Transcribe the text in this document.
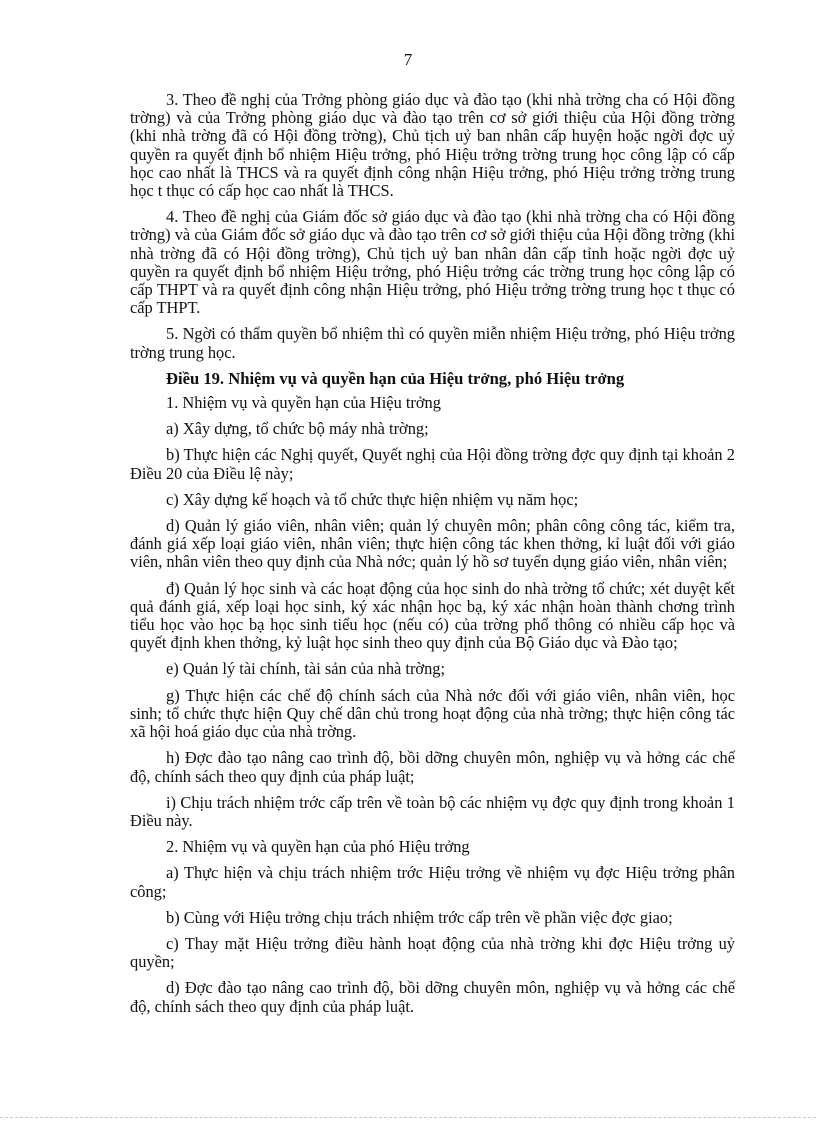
7

3. Theo đề nghị của Trởng phòng giáo dục và đào tạo (khi nhà trờng cha có Hội đồng trờng) và của Trởng phòng giáo dục và đào tạo trên cơ sở giới thiệu của Hội đồng trờng (khi nhà trờng đã có Hội đồng trờng), Chủ tịch uỷ ban nhân cấp huyện hoặc ngời đợc uỷ quyền ra quyết định bổ nhiệm Hiệu trởng, phó Hiệu trởng trờng trung học công lập có cấp học cao nhất là THCS và ra quyết định công nhận Hiệu trởng, phó Hiệu trởng trờng trung học t thục có cấp học cao nhất là THCS.

4. Theo đề nghị của Giám đốc sở giáo dục và đào tạo (khi nhà trờng cha có Hội đồng trờng) và của Giám đốc sở giáo dục và đào tạo trên cơ sở giới thiệu của Hội đồng trờng (khi nhà trờng đã có Hội đồng trờng), Chủ tịch uỷ ban nhân dân cấp tỉnh hoặc ngời đợc uỷ quyền ra quyết định bổ nhiệm Hiệu trởng, phó Hiệu trởng các trờng trung học công lập có cấp THPT và ra quyết định công nhận Hiệu trởng, phó Hiệu trởng trờng trung học t thục có cấp THPT.

5. Ngời có thẩm quyền bổ nhiệm thì có quyền miễn nhiệm Hiệu trởng, phó Hiệu trởng trờng trung học.

Điều 19. Nhiệm vụ và quyền hạn của Hiệu trởng, phó Hiệu trởng

1. Nhiệm vụ và quyền hạn của Hiệu trởng

a) Xây dựng, tổ chức bộ máy nhà trờng;

b) Thực hiện các Nghị quyết, Quyết nghị của Hội đồng trờng đợc quy định tại khoản 2 Điều 20 của Điều lệ này;

c) Xây dựng kế hoạch và tổ chức thực hiện nhiệm vụ năm học;

d) Quản lý giáo viên, nhân viên; quản lý chuyên môn; phân công công tác, kiểm tra, đánh giá xếp loại giáo viên, nhân viên; thực hiện công tác khen thởng, kỉ luật đối với giáo viên, nhân viên theo quy định của Nhà nớc; quản lý hồ sơ tuyển dụng giáo viên, nhân viên;

đ) Quản lý học sinh và các hoạt động của học sinh do nhà trờng tổ chức; xét duyệt kết quả đánh giá, xếp loại học sinh, ký xác nhận học bạ, ký xác nhận hoàn thành chơng trình tiểu học vào học bạ học sinh tiểu học (nếu có) của trờng phổ thông có nhiều cấp học và quyết định khen thởng, kỷ luật học sinh theo quy định của Bộ Giáo dục và Đào tạo;

e) Quản lý tài chính, tài sản của nhà trờng;

g) Thực hiện các chế độ chính sách của Nhà nớc đối với giáo viên, nhân viên, học sinh; tổ chức thực hiện Quy chế dân chủ trong hoạt động của nhà trờng; thực hiện công tác xã hội hoá giáo dục của nhà trờng.

h) Đợc đào tạo nâng cao trình độ, bồi dỡng chuyên môn, nghiệp vụ và hởng các chế độ, chính sách theo quy định của pháp luật;

i) Chịu trách nhiệm trớc cấp trên về toàn bộ các nhiệm vụ đợc quy định trong khoản 1 Điều này.

2. Nhiệm vụ và quyền hạn của phó Hiệu trởng

a) Thực hiện và chịu trách nhiệm trớc Hiệu trởng về nhiệm vụ đợc Hiệu trởng phân công;

b) Cùng với Hiệu trởng chịu trách nhiệm trớc cấp trên về phần việc đợc giao;

c) Thay mặt Hiệu trởng điều hành hoạt động của nhà trờng khi đợc Hiệu trởng uỷ quyền;

d) Đợc đào tạo nâng cao trình độ, bồi dỡng chuyên môn, nghiệp vụ và hởng các chế độ, chính sách theo quy định của pháp luật.
